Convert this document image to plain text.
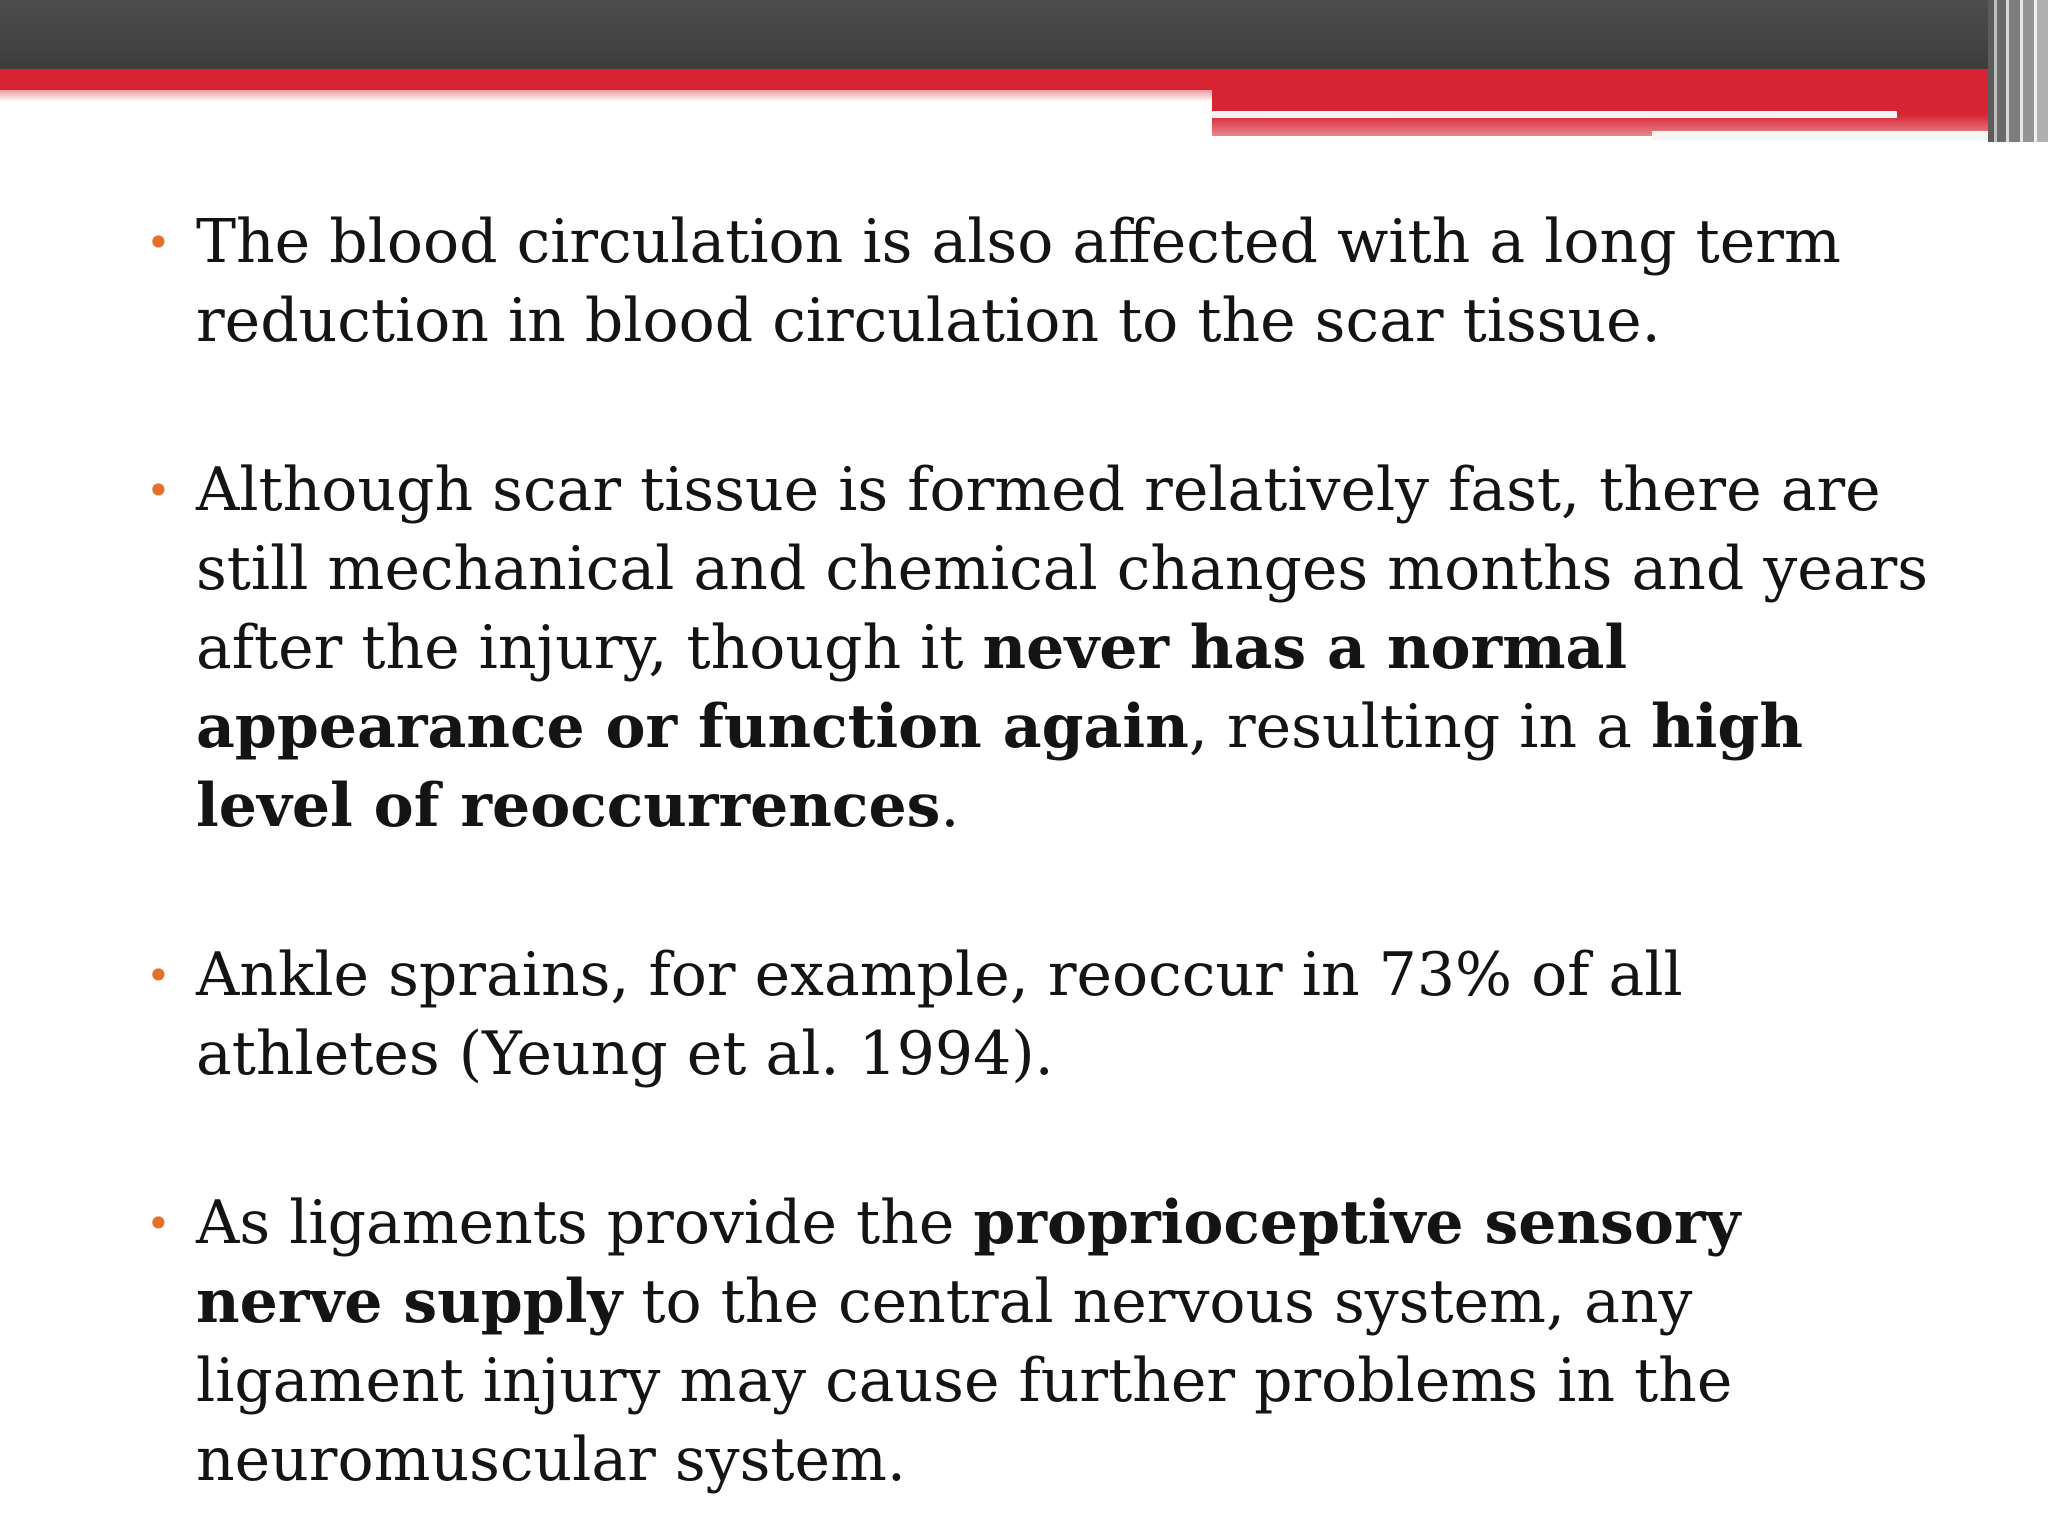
• The blood circulation is also affected with a long term reduction in blood circulation to the scar tissue.
• Although scar tissue is formed relatively fast, there are still mechanical and chemical changes months and years after the injury, though it never has a normal appearance or function again, resulting in a high level of reoccurrences.
• Ankle sprains, for example, reoccur in 73% of all athletes (Yeung et al. 1994).
• As ligaments provide the proprioceptive sensory nerve supply to the central nervous system, any ligament injury may cause further problems in the neuromuscular system.
